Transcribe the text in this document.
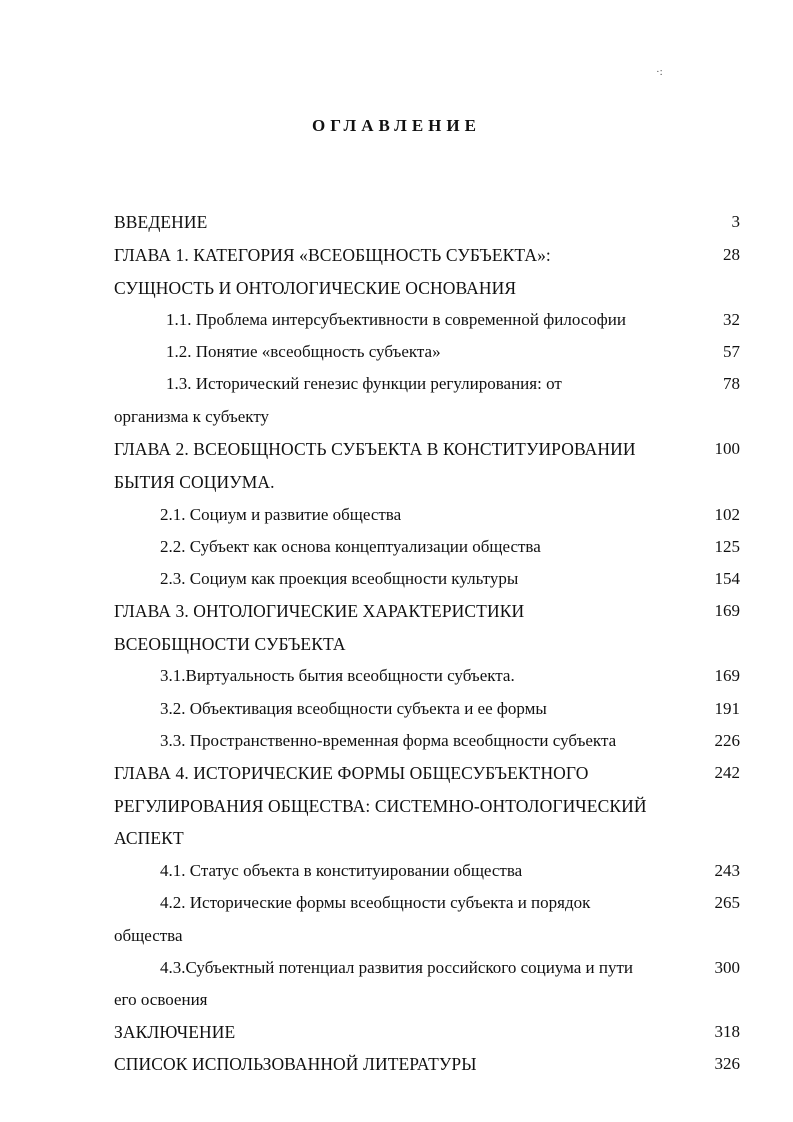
·:
ОГЛАВЛЕНИЕ
ВВЕДЕНИЕ	3
ГЛАВА 1. КАТЕГОРИЯ «ВСЕОБЩНОСТЬ СУБЪЕКТА»:	28
СУЩНОСТЬ И ОНТОЛОГИЧЕСКИЕ ОСНОВАНИЯ
1.1. Проблема интерсубъективности в современной философии	32
1.2. Понятие «всеобщность субъекта»	57
1.3. Исторический генезис функции регулирования: от	78
организма к субъекту
ГЛАВА 2. ВСЕОБЩНОСТЬ СУБЪЕКТА В КОНСТИТУИРОВАНИИ	100
БЫТИЯ СОЦИУМА.
2.1. Социум и развитие общества	102
2.2. Субъект как основа концептуализации общества	125
2.3. Социум как проекция всеобщности культуры	154
ГЛАВА 3. ОНТОЛОГИЧЕСКИЕ ХАРАКТЕРИСТИКИ	169
ВСЕОБЩНОСТИ СУБЪЕКТА
3.1.Виртуальность бытия всеобщности субъекта.	169
3.2. Объективация всеобщности субъекта и ее формы	191
3.3. Пространственно-временная форма всеобщности субъекта	226
ГЛАВА 4. ИСТОРИЧЕСКИЕ ФОРМЫ ОБЩЕСУБЪЕКТНОГО	242
РЕГУЛИРОВАНИЯ ОБЩЕСТВА: СИСТЕМНО-ОНТОЛОГИЧЕСКИЙ
АСПЕКТ
4.1. Статус объекта в конституировании общества	243
4.2. Исторические формы всеобщности субъекта и порядок	265
общества
4.3.Субъектный потенциал развития российского социума и пути	300
его освоения
ЗАКЛЮЧЕНИЕ	318
СПИСОК ИСПОЛЬЗОВАННОЙ ЛИТЕРАТУРЫ	326
